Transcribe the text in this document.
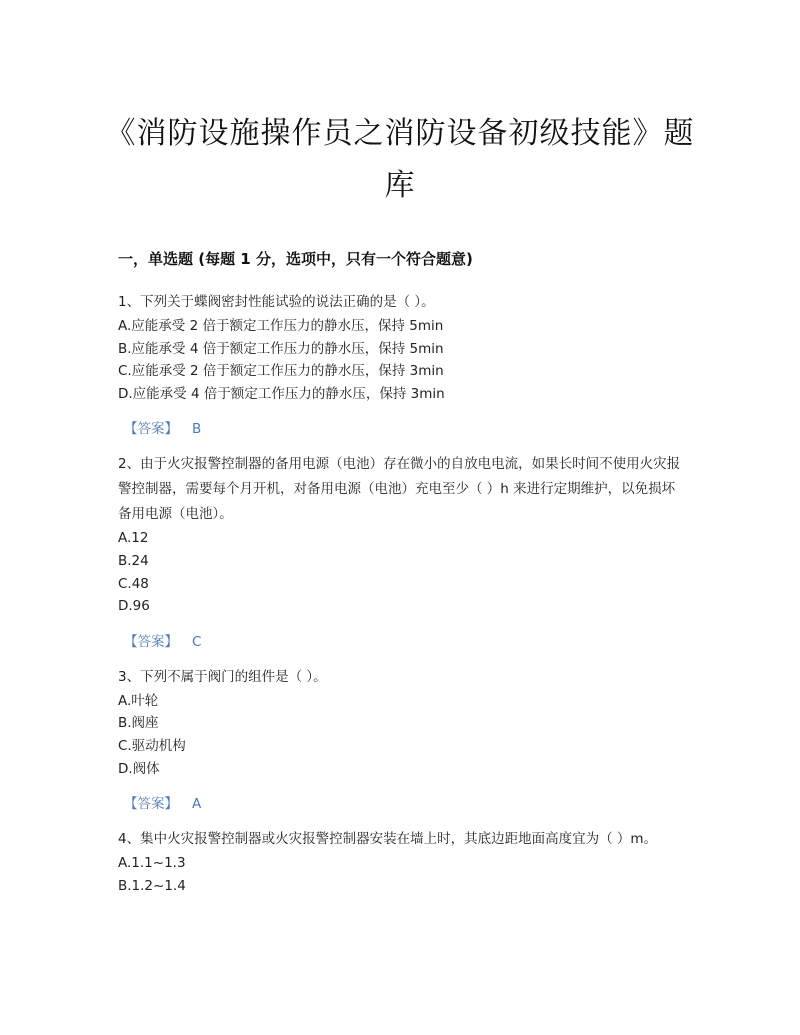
《消防设施操作员之消防设备初级技能》题库
一，单选题 (每题 1 分，选项中，只有一个符合题意)

1、下列关于蝶阀密封性能试验的说法正确的是（ ）。

A.应能承受 2 倍于额定工作压力的静水压，保持 5min

B.应能承受 4 倍于额定工作压力的静水压，保持 5min

C.应能承受 2 倍于额定工作压力的静水压，保持 3min

D.应能承受 4 倍于额定工作压力的静水压，保持 3min

【答案】 B

2、由于火灾报警控制器的备用电源（电池）存在微小的自放电电流，如果长时间不使用火灾报警控制器，需要每个月开机，对备用电源（电池）充电至少（ ）h 来进行定期维护，以免损坏备用电源（电池）。

A.12

B.24

C.48

D.96

【答案】 C

3、下列不属于阀门的组件是（ ）。

A.叶轮

B.阀座

C.驱动机构

D.阀体

【答案】 A

4、集中火灾报警控制器或火灾报警控制器安装在墙上时，其底边距地面高度宜为（ ）m。

A.1.1~1.3

B.1.2~1.4
